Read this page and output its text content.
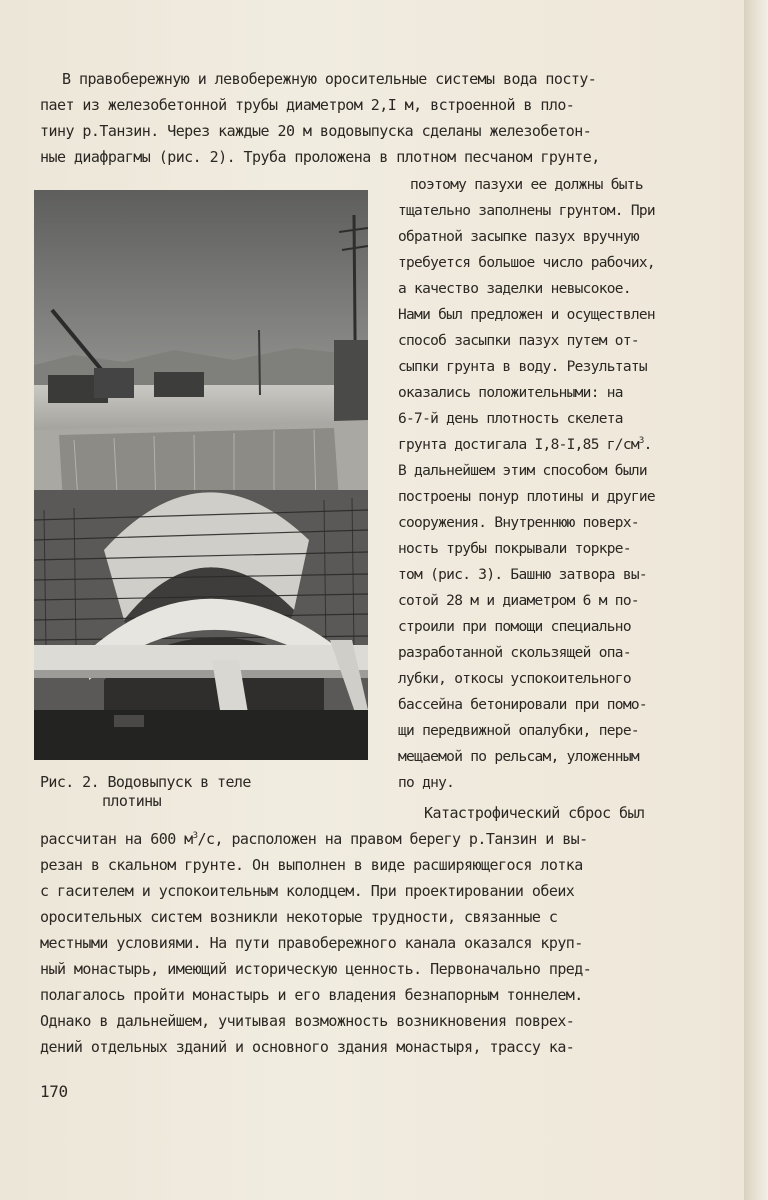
В правобережную и левобережную оросительные системы вода посту-

пает из железобетонной трубы диаметром 2,I м, встроенной в пло-

тину р.Танзин. Через каждые 20 м водовыпуска сделаны железобетон-

ные диафрагмы (рис. 2). Труба проложена в плотном песчаном грунте,

поэтому пазухи ее должны быть

тщательно заполнены грунтом. При

обратной засыпке пазух вручную

требуется большое число рабочих,

а качество заделки невысокое.

Нами был предложен и осуществлен

способ засыпки пазух путем от-

сыпки грунта в воду. Результаты

оказались положительными: на

6-7-й день плотность скелета

грунта достигала I,8-I,85 $г/см^3$.

В дальнейшем этим способом были

построены понур плотины и другие

сооружения. Внутреннюю поверх-

ность трубы покрывали торкре-

том (рис. 3). Башню затвора вы-

сотой 28 м и диаметром 6 м по-

строили при помощи специально

разработанной скользящей опа-

лубки, откосы успокоительного

бассейна бетонировали при помо-

щи передвижной опалубки, пере-

мещаемой по рельсам, уложенным

по дну.

Рис. 2. Водовыпуск в теле
плотины

Катастрофический сброс был

рассчитан на 600 $м^3/с$, расположен на правом берегу р.Танзин и вы-

резан в скальном грунте. Он выполнен в виде расширяющегося лотка

с гасителем и успокоительным колодцем. При проектировании обеих

оросительных систем возникли некоторые трудности, связанные с

местными условиями. На пути правобережного канала оказался круп-

ный монастырь, имеющий историческую ценность. Первоначально пред-

полагалось пройти монастырь и его владения безнапорным тоннелем.

Однако в дальнейшем, учитывая возможность возникновения поврех-

дений отдельных зданий и основного здания монастыря, трассу ка-

170
